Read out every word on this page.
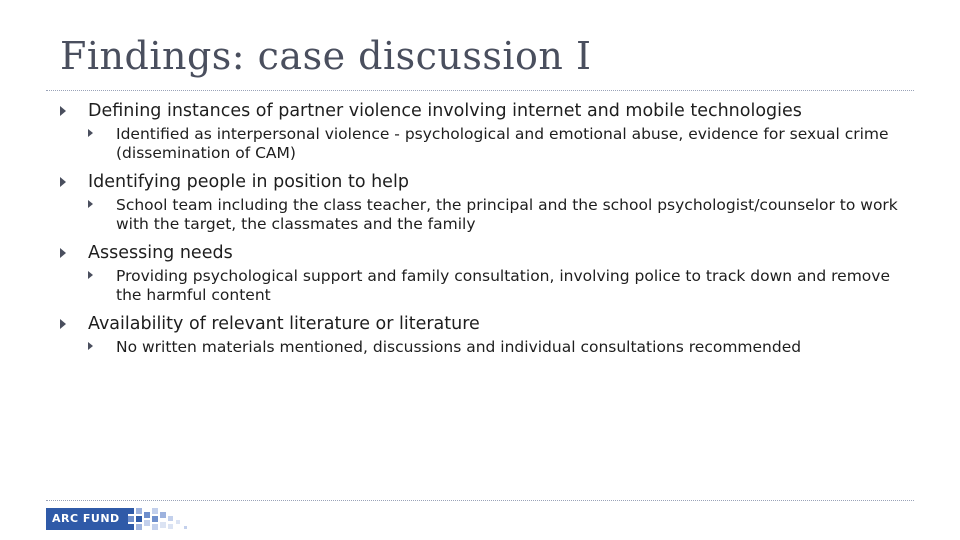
Findings: case discussion I
Defining instances of partner violence involving internet and mobile technologies
Identified as interpersonal violence - psychological and emotional abuse, evidence for sexual crime (dissemination of CAM)
Identifying people in position to help
School team including the class teacher, the principal and the school psychologist/counselor to work with the target, the classmates and the family
Assessing needs
Providing psychological support and family consultation, involving police to track down and remove the harmful content
Availability of relevant literature or literature
No written materials mentioned, discussions and individual consultations recommended
ARC FUND
